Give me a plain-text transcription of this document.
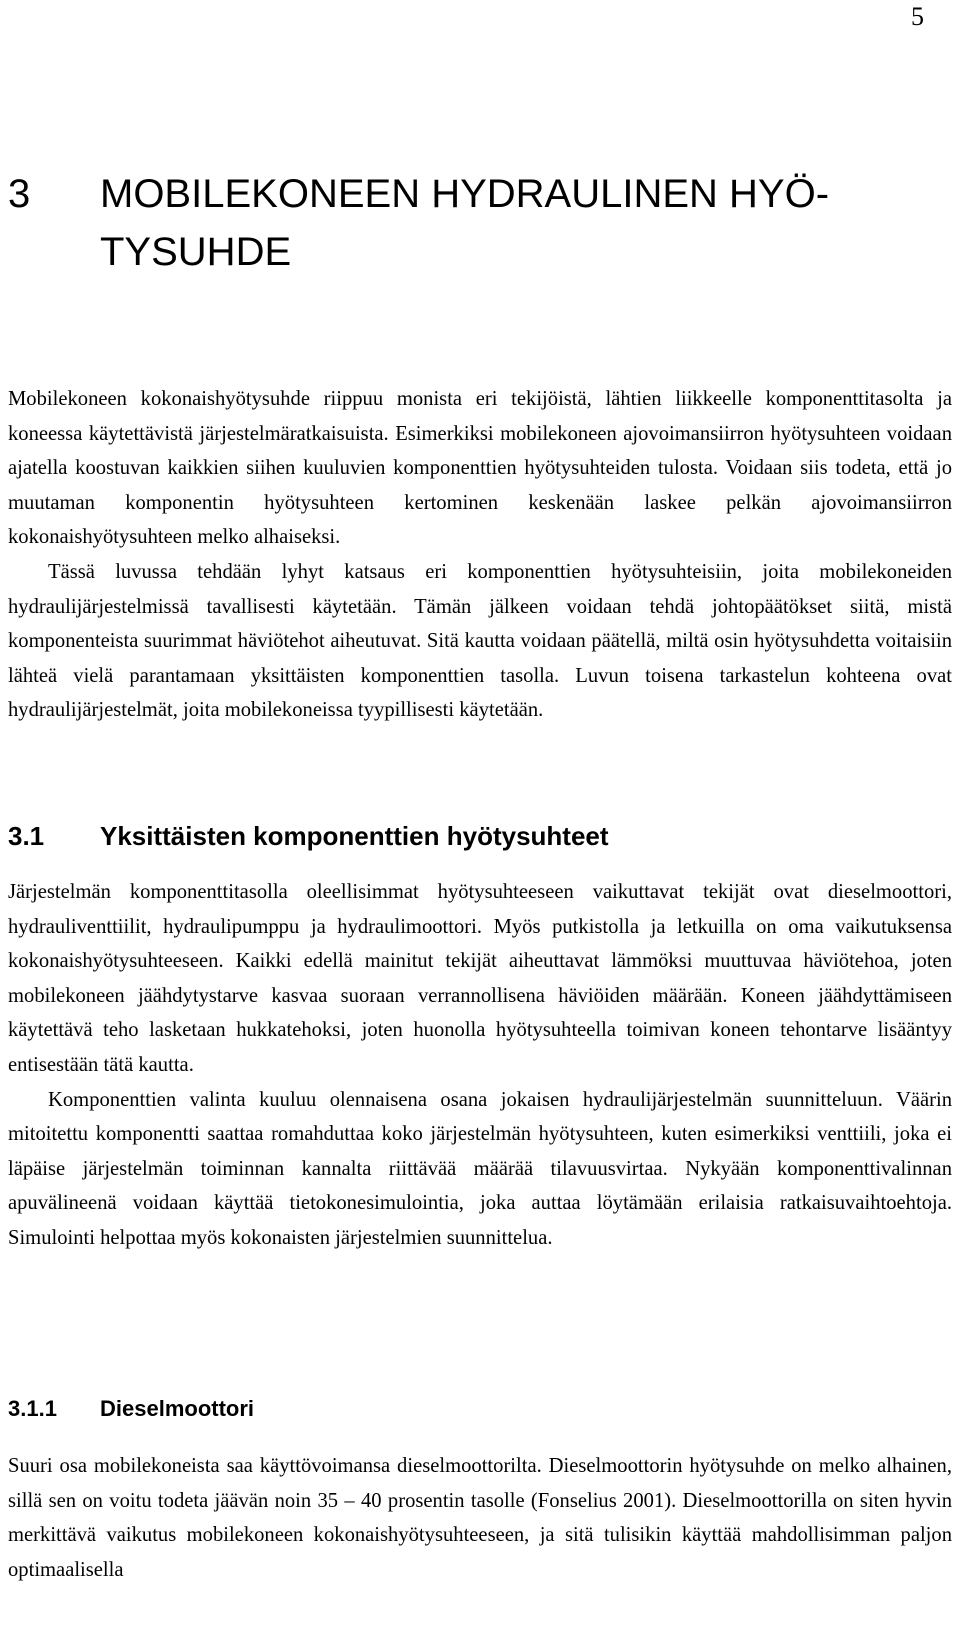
5
3 MOBILEKONEEN HYDRAULINEN HYÖ-TYSUHDE

Mobilekoneen kokonaishyötysuhde riippuu monista eri tekijöistä, lähtien liikkeelle komponenttitasolta ja koneessa käytettävistä järjestelmäratkaisuista. Esimerkiksi mobilekoneen ajovoimansiirron hyötysuhteen voidaan ajatella koostuvan kaikkien siihen kuuluvien komponenttien hyötysuhteiden tulosta. Voidaan siis todeta, että jo muutaman komponentin hyötysuhteen kertominen keskenään laskee pelkän ajovoimansiirron kokonaishyötysuhteen melko alhaiseksi.

Tässä luvussa tehdään lyhyt katsaus eri komponenttien hyötysuhteisiin, joita mobilekoneiden hydraulijärjestelmissä tavallisesti käytetään. Tämän jälkeen voidaan tehdä johtopäätökset siitä, mistä komponenteista suurimmat häviötehot aiheutuvat. Sitä kautta voidaan päätellä, miltä osin hyötysuhdetta voitaisiin lähteä vielä parantamaan yksittäisten komponenttien tasolla. Luvun toisena tarkastelun kohteena ovat hydraulijärjestelmät, joita mobilekoneissa tyypillisesti käytetään.

3.1 Yksittäisten komponenttien hyötysuhteet

Järjestelmän komponenttitasolla oleellisimmat hyötysuhteeseen vaikuttavat tekijät ovat dieselmoottori, hydrauliventtiilit, hydraulipumppu ja hydraulimoottori. Myös putkistolla ja letkuilla on oma vaikutuksensa kokonaishyötysuhteeseen. Kaikki edellä mainitut tekijät aiheuttavat lämmöksi muuttuvaa häviötehoa, joten mobilekoneen jäähdytystarve kasvaa suoraan verrannollisena häviöiden määrään. Koneen jäähdyttämiseen käytettävä teho lasketaan hukkatehoksi, joten huonolla hyötysuhteella toimivan koneen tehontarve lisääntyy entisestään tätä kautta.

Komponenttien valinta kuuluu olennaisena osana jokaisen hydraulijärjestelmän suunnitteluun. Väärin mitoitettu komponentti saattaa romahduttaa koko järjestelmän hyötysuhteen, kuten esimerkiksi venttiili, joka ei läpäise järjestelmän toiminnan kannalta riittävää määrää tilavuusvirtaa. Nykyään komponenttivalinnan apuvälineenä voidaan käyttää tietokonesimulointia, joka auttaa löytämään erilaisia ratkaisuvaihtoehtoja. Simulointi helpottaa myös kokonaisten järjestelmien suunnittelua.

3.1.1 Dieselmoottori

Suuri osa mobilekoneista saa käyttövoimansa dieselmoottorilta. Dieselmoottorin hyötysuhde on melko alhainen, sillä sen on voitu todeta jäävän noin 35 – 40 prosentin tasolle (Fonselius 2001). Dieselmoottorilla on siten hyvin merkittävä vaikutus mobilekoneen kokonaishyötysuhteeseen, ja sitä tulisikin käyttää mahdollisimman paljon optimaalisella
